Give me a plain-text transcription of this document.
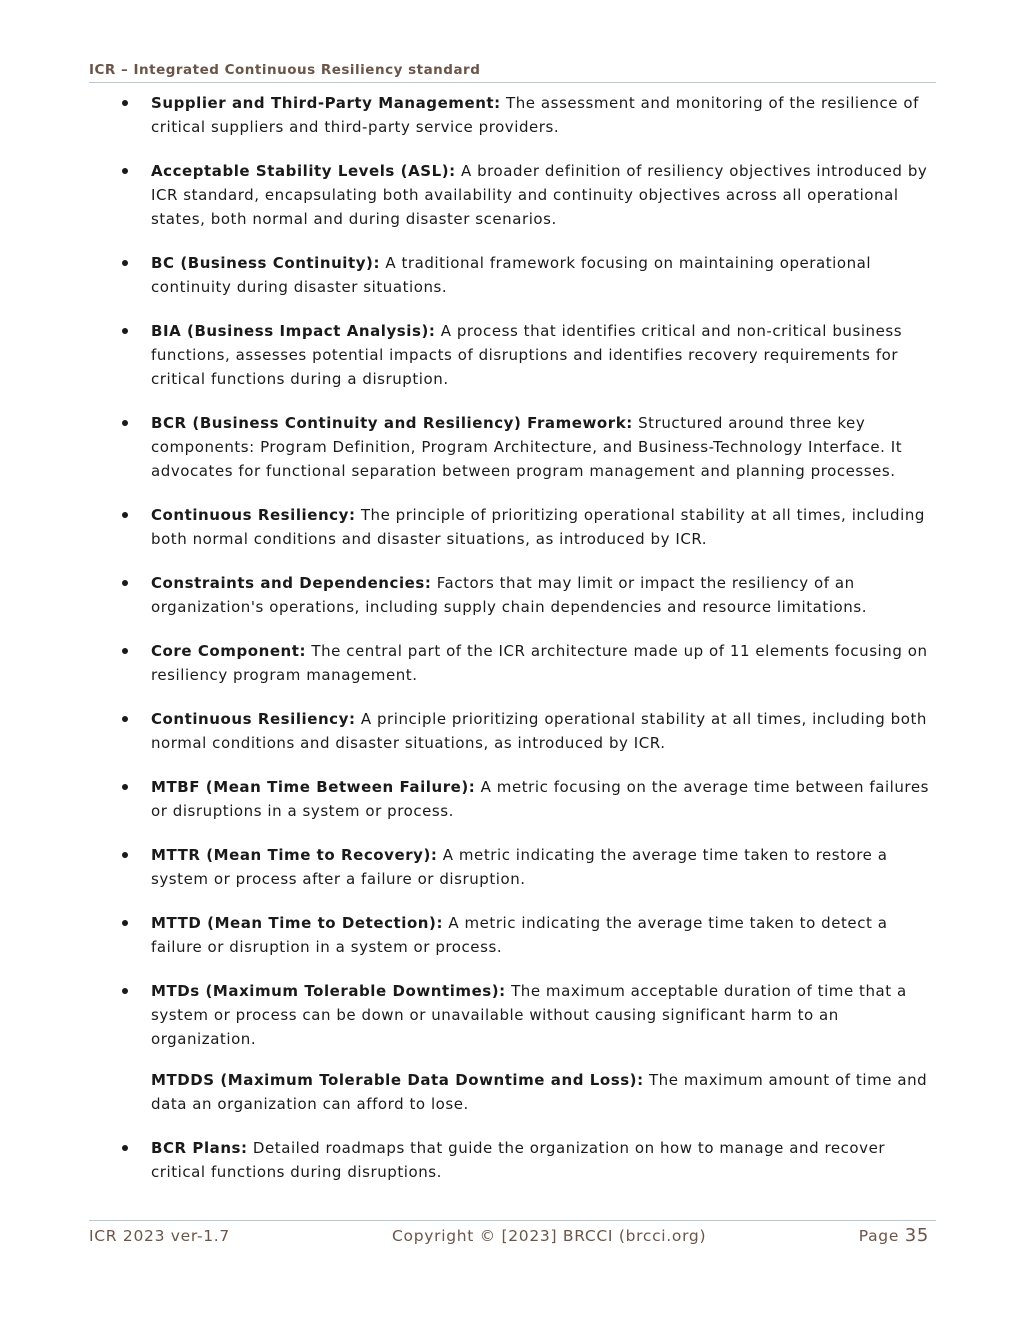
ICR – Integrated Continuous Resiliency standard
Supplier and Third-Party Management: The assessment and monitoring of the resilience of critical suppliers and third-party service providers.
Acceptable Stability Levels (ASL): A broader definition of resiliency objectives introduced by ICR standard, encapsulating both availability and continuity objectives across all operational states, both normal and during disaster scenarios.
BC (Business Continuity): A traditional framework focusing on maintaining operational continuity during disaster situations.
BIA (Business Impact Analysis): A process that identifies critical and non-critical business functions, assesses potential impacts of disruptions and identifies recovery requirements for critical functions during a disruption.
BCR (Business Continuity and Resiliency) Framework: Structured around three key components: Program Definition, Program Architecture, and Business-Technology Interface. It advocates for functional separation between program management and planning processes.
Continuous Resiliency: The principle of prioritizing operational stability at all times, including both normal conditions and disaster situations, as introduced by ICR.
Constraints and Dependencies: Factors that may limit or impact the resiliency of an organization's operations, including supply chain dependencies and resource limitations.
Core Component: The central part of the ICR architecture made up of 11 elements focusing on resiliency program management.
Continuous Resiliency: A principle prioritizing operational stability at all times, including both normal conditions and disaster situations, as introduced by ICR.
MTBF (Mean Time Between Failure): A metric focusing on the average time between failures or disruptions in a system or process.
MTTR (Mean Time to Recovery): A metric indicating the average time taken to restore a system or process after a failure or disruption.
MTTD (Mean Time to Detection): A metric indicating the average time taken to detect a failure or disruption in a system or process.
MTDs (Maximum Tolerable Downtimes): The maximum acceptable duration of time that a system or process can be down or unavailable without causing significant harm to an organization.
MTDDS (Maximum Tolerable Data Downtime and Loss): The maximum amount of time and data an organization can afford to lose.
BCR Plans: Detailed roadmaps that guide the organization on how to manage and recover critical functions during disruptions.
ICR 2023 ver-1.7	Copyright © [2023] BRCCI (brcci.org)	Page 35
